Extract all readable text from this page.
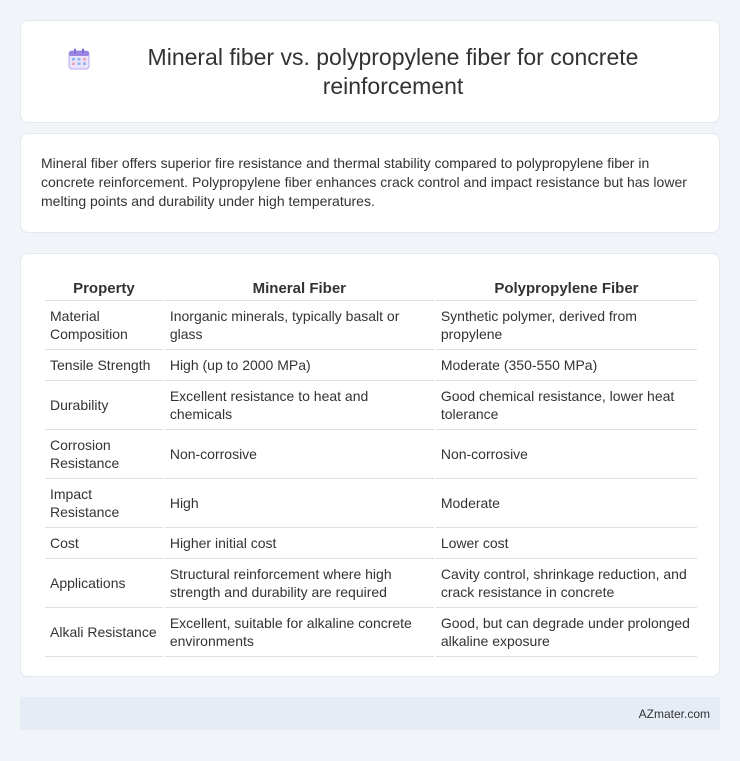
Mineral fiber vs. polypropylene fiber for concrete reinforcement

Mineral fiber offers superior fire resistance and thermal stability compared to polypropylene fiber in concrete reinforcement. Polypropylene fiber enhances crack control and impact resistance but has lower melting points and durability under high temperatures.

Property	Mineral Fiber	Polypropylene Fiber
Material Composition	Inorganic minerals, typically basalt or glass	Synthetic polymer, derived from propylene
Tensile Strength	High (up to 2000 MPa)	Moderate (350-550 MPa)
Durability	Excellent resistance to heat and chemicals	Good chemical resistance, lower heat tolerance
Corrosion Resistance	Non-corrosive	Non-corrosive
Impact Resistance	High	Moderate
Cost	Higher initial cost	Lower cost
Applications	Structural reinforcement where high strength and durability are required	Cavity control, shrinkage reduction, and crack resistance in concrete
Alkali Resistance	Excellent, suitable for alkaline concrete environments	Good, but can degrade under prolonged alkaline exposure
AZmater.com
